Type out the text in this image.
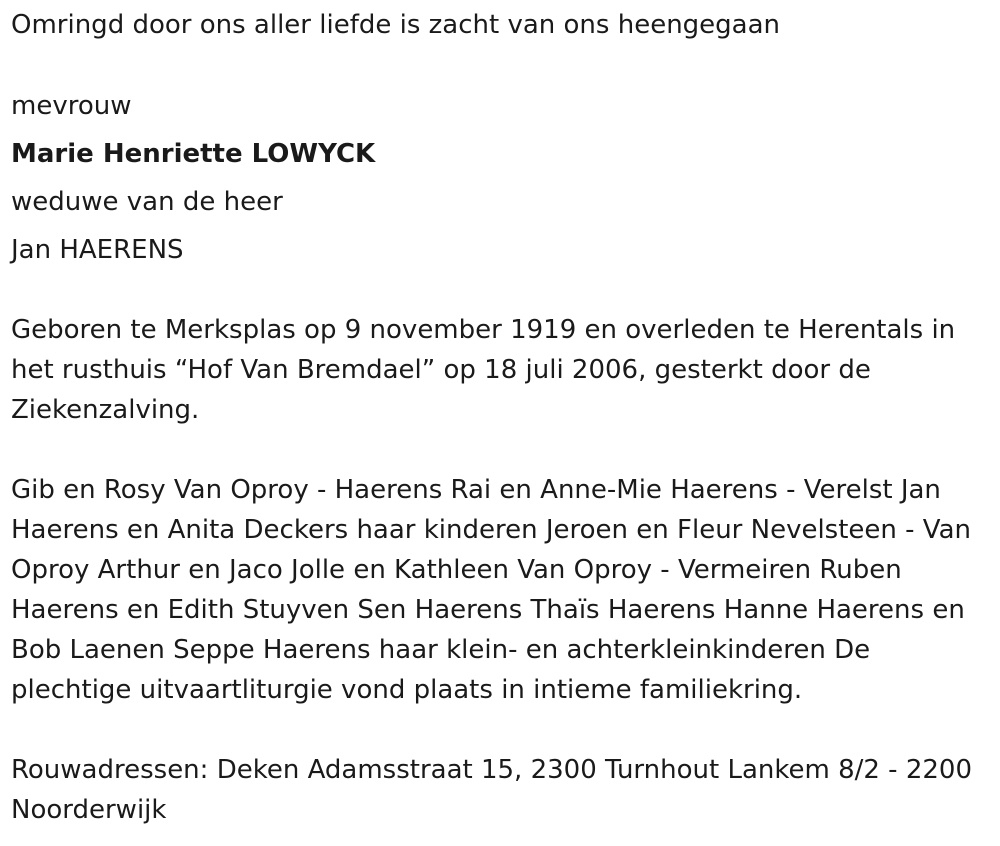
Omringd door ons aller liefde is zacht van ons heengegaan

mevrouw

Marie Henriette LOWYCK

weduwe van de heer

Jan HAERENS

Geboren te Merksplas op 9 november 1919 en overleden te Herentals in het rusthuis “Hof Van Bremdael” op 18 juli 2006, gesterkt door de Ziekenzalving.

Gib en Rosy Van Oproy - Haerens Rai en Anne-Mie Haerens - Verelst Jan Haerens en Anita Deckers haar kinderen Jeroen en Fleur Nevelsteen - Van Oproy Arthur en Jaco Jolle en Kathleen Van Oproy - Vermeiren Ruben Haerens en Edith Stuyven Sen Haerens Thaïs Haerens Hanne Haerens en Bob Laenen Seppe Haerens haar klein- en achterkleinkinderen De plechtige uitvaartliturgie vond plaats in intieme familiekring.

Rouwadressen: Deken Adamsstraat 15, 2300 Turnhout Lankem 8/2 - 2200 Noorderwijk
